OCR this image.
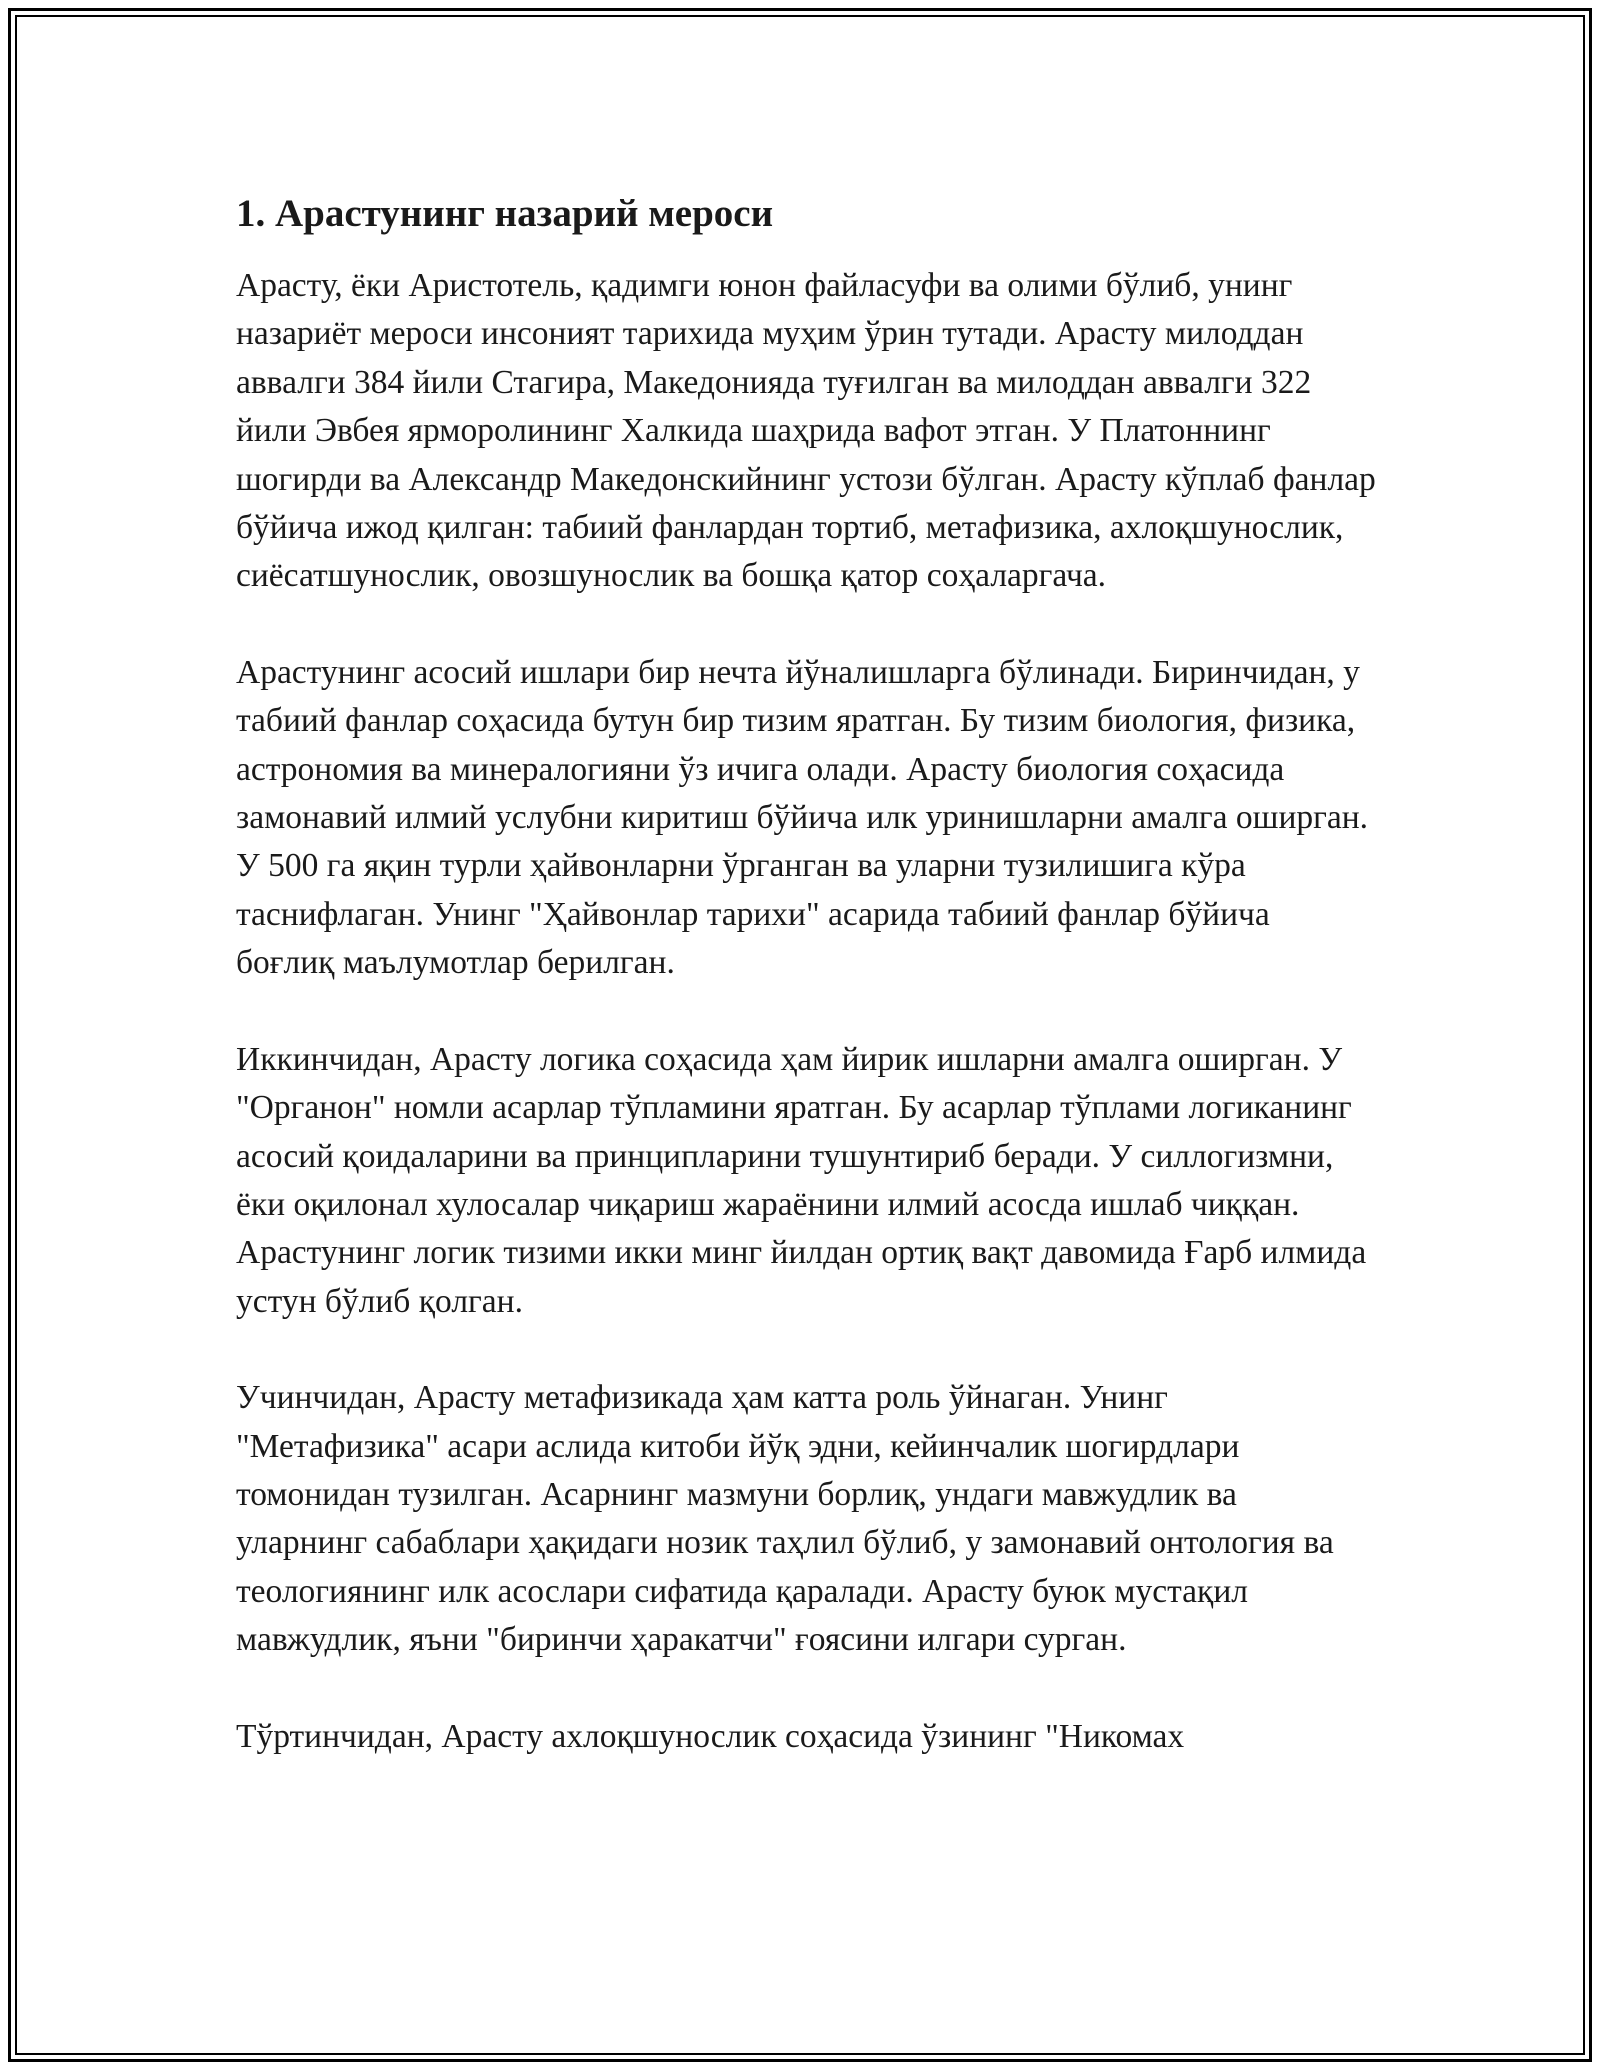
1. Арастунинг назарий мероси

Арасту, ёки Аристотель, қадимги юнон файласуфи ва олими бўлиб, унинг назариёт мероси инсоният тарихида муҳим ўрин тутади. Арасту милоддан аввалги 384 йили Стагира, Македонияда туғилган ва милоддан аввалги 322 йили Эвбея ярморолининг Халкида шаҳрида вафот этган. У Платоннинг шогирди ва Александр Македонскийнинг устози бўлган. Арасту кўплаб фанлар бўйича ижод қилган: табиий фанлардан тортиб, метафизика, ахлоқшунослик, сиёсатшунослик, овозшунослик ва бошқа қатор соҳаларгача.

Арастунинг асосий ишлари бир нечта йўналишларга бўлинади. Биринчидан, у табиий фанлар соҳасида бутун бир тизим яратган. Бу тизим биология, физика, астрономия ва минералогияни ўз ичига олади. Арасту биология соҳасида замонавий илмий услубни киритиш бўйича илк уринишларни амалга оширган. У 500 га яқин турли ҳайвонларни ўрганган ва уларни тузилишига кўра таснифлаган. Унинг "Ҳайвонлар тарихи" асарида табиий фанлар бўйича боғлиқ маълумотлар берилган.

Иккинчидан, Арасту логика соҳасида ҳам йирик ишларни амалга оширган. У "Органон" номли асарлар тўпламини яратган. Бу асарлар тўплами логиканинг асосий қоидаларини ва принципларини тушунтириб беради. У силлогизмни, ёки оқилонал хулосалар чиқариш жараёнини илмий асосда ишлаб чиққан. Арастунинг логик тизими икки минг йилдан ортиқ вақт давомида Ғарб илмида устун бўлиб қолган.

Учинчидан, Арасту метафизикада ҳам катта роль ўйнаган. Унинг "Метафизика" асари аслида китоби йўқ эдни, кейинчалик шогирдлари томонидан тузилган. Асарнинг мазмуни борлиқ, ундаги мавжудлик ва уларнинг сабаблари ҳақидаги нозик таҳлил бўлиб, у замонавий онтология ва теологиянинг илк асослари сифатида қаралади. Арасту буюк мустақил мавжудлик, яъни "биринчи ҳаракатчи" ғоясини илгари сурган.

Тўртинчидан, Арасту ахлоқшунослик соҳасида ўзининг "Никомах
